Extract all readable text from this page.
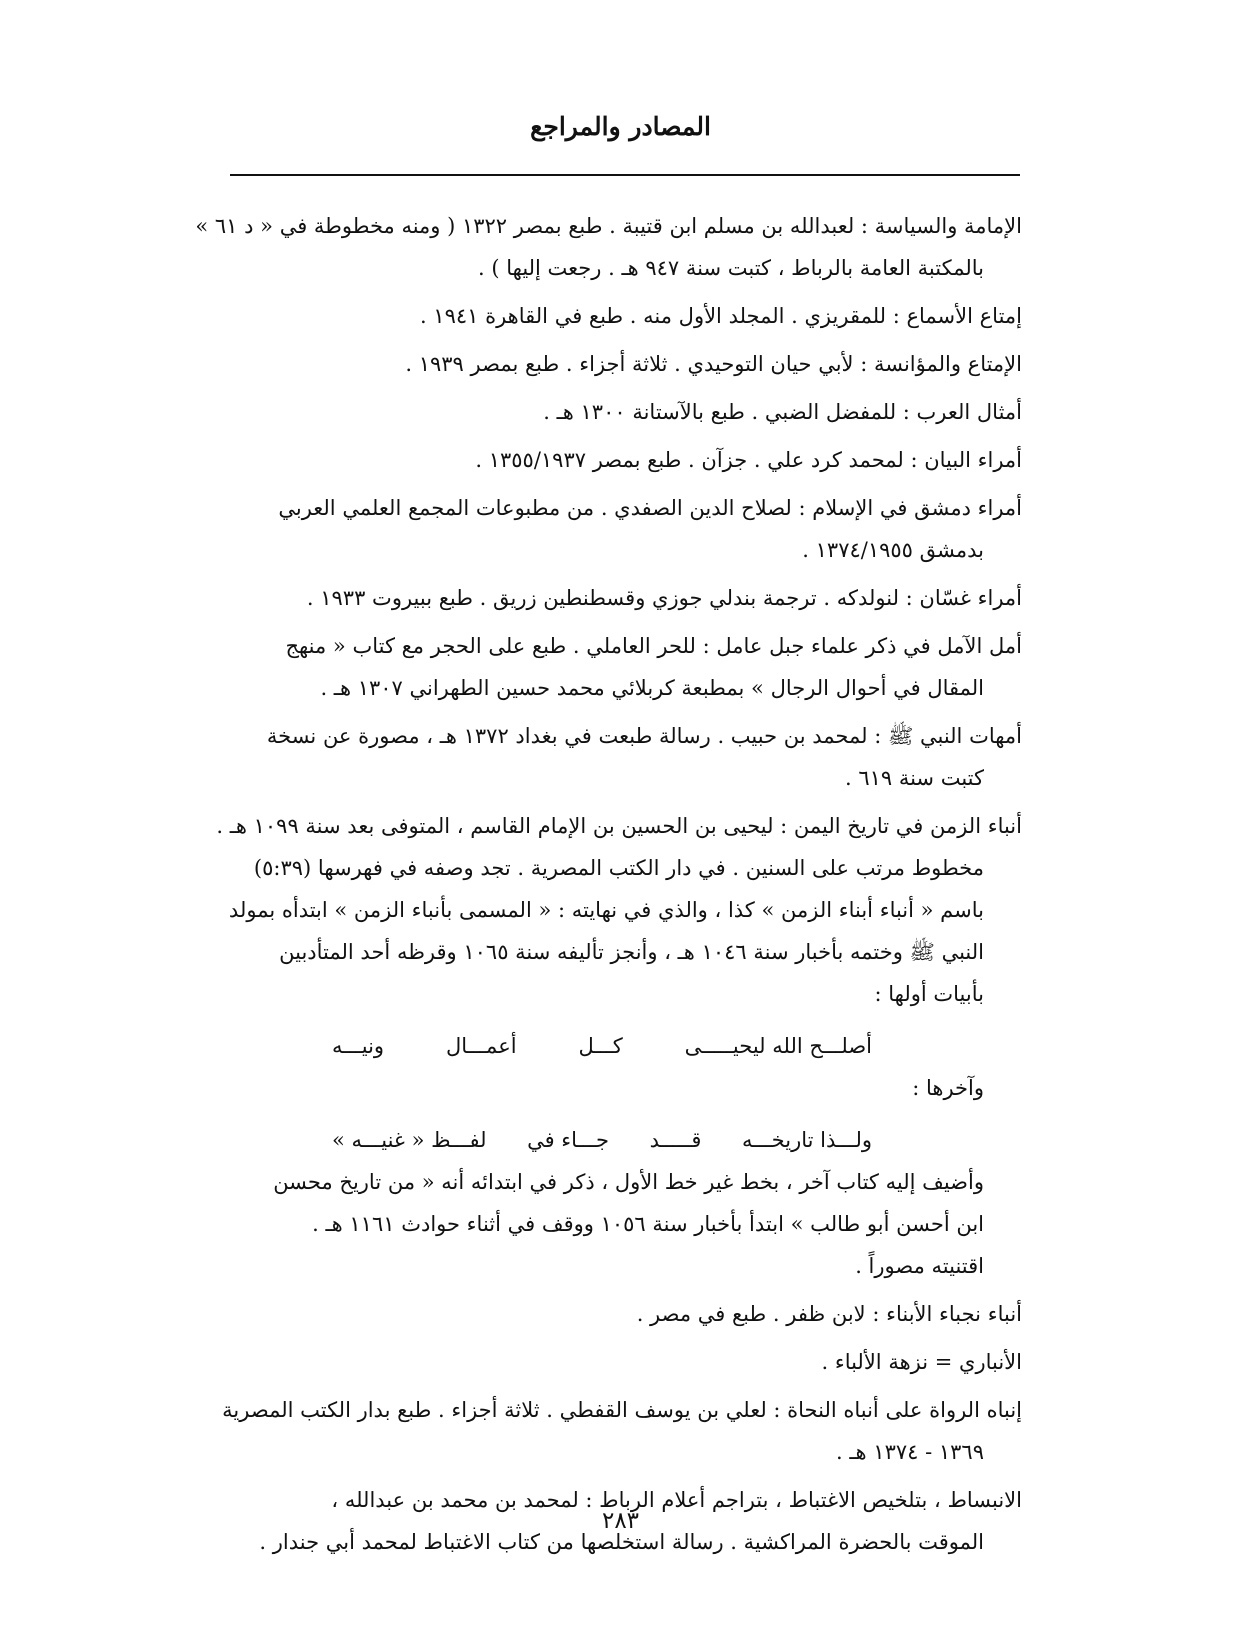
المصادر والمراجع
الإمامة والسياسة : لعبدالله بن مسلم ابن قتيبة . طبع بمصر ١٣٢٢ ( ومنه مخطوطة في « د ٦١ »
بالمكتبة العامة بالرباط ، كتبت سنة ٩٤٧ هـ . رجعت إليها ) .
إمتاع الأسماع : للمقريزي . المجلد الأول منه . طبع في القاهرة ١٩٤١ .
الإمتاع والمؤانسة : لأبي حيان التوحيدي . ثلاثة أجزاء . طبع بمصر ١٩٣٩ .
أمثال العرب : للمفضل الضبي . طبع بالآستانة ١٣٠٠ هـ .
أمراء البيان : لمحمد كرد علي . جزآن . طبع بمصر ١٣٥٥/١٩٣٧ .
أمراء دمشق في الإسلام : لصلاح الدين الصفدي . من مطبوعات المجمع العلمي العربي
بدمشق ١٣٧٤/١٩٥٥ .
أمراء غسّان : لنولدكه . ترجمة بندلي جوزي وقسطنطين زريق . طبع ببيروت ١٩٣٣ .
أمل الآمل في ذكر علماء جبل عامل : للحر العاملي . طبع على الحجر مع كتاب « منهج
المقال في أحوال الرجال » بمطبعة كربلائي محمد حسين الطهراني ١٣٠٧ هـ .
أمهات النبي ﷺ : لمحمد بن حبيب . رسالة طبعت في بغداد ١٣٧٢ هـ ، مصورة عن نسخة
كتبت سنة ٦١٩ .
أنباء الزمن في تاريخ اليمن : ليحيى بن الحسين بن الإمام القاسم ، المتوفى بعد سنة ١٠٩٩ هـ .
مخطوط مرتب على السنين . في دار الكتب المصرية . تجد وصفه في فهرسها (٥:٣٩)
باسم « أنباء أبناء الزمن » كذا ، والذي في نهايته : « المسمى بأنباء الزمن » ابتدأه بمولد
النبي ﷺ وختمه بأخبار سنة ١٠٤٦ هـ ، وأنجز تأليفه سنة ١٠٦٥ وقرظه أحد المتأدبين
بأبيات أولها :
أصلـــح الله ليحيـــــى
كـــل
أعمـــال
ونيـــه
وآخرها :
ولـــذا تاريخـــه
قـــــد
جـــاء في
لفـــظ « غنيـــه »
وأضيف إليه كتاب آخر ، بخط غير خط الأول ، ذكر في ابتدائه أنه « من تاريخ محسن
ابن أحسن أبو طالب » ابتدأ بأخبار سنة ١٠٥٦ ووقف في أثناء حوادث ١١٦١ هـ .
اقتنيته مصوراً .
أنباء نجباء الأبناء : لابن ظفر . طبع في مصر .
الأنباري = نزهة الألباء .
إنباه الرواة على أنباه النحاة : لعلي بن يوسف القفطي . ثلاثة أجزاء . طبع بدار الكتب المصرية
١٣٦٩ - ١٣٧٤ هـ .
الانبساط ، بتلخيص الاغتباط ، بتراجم أعلام الرباط : لمحمد بن محمد بن عبدالله ،
الموقت بالحضرة المراكشية . رسالة استخلصها من كتاب الاغتباط لمحمد أبي جندار .
٢٨٣
